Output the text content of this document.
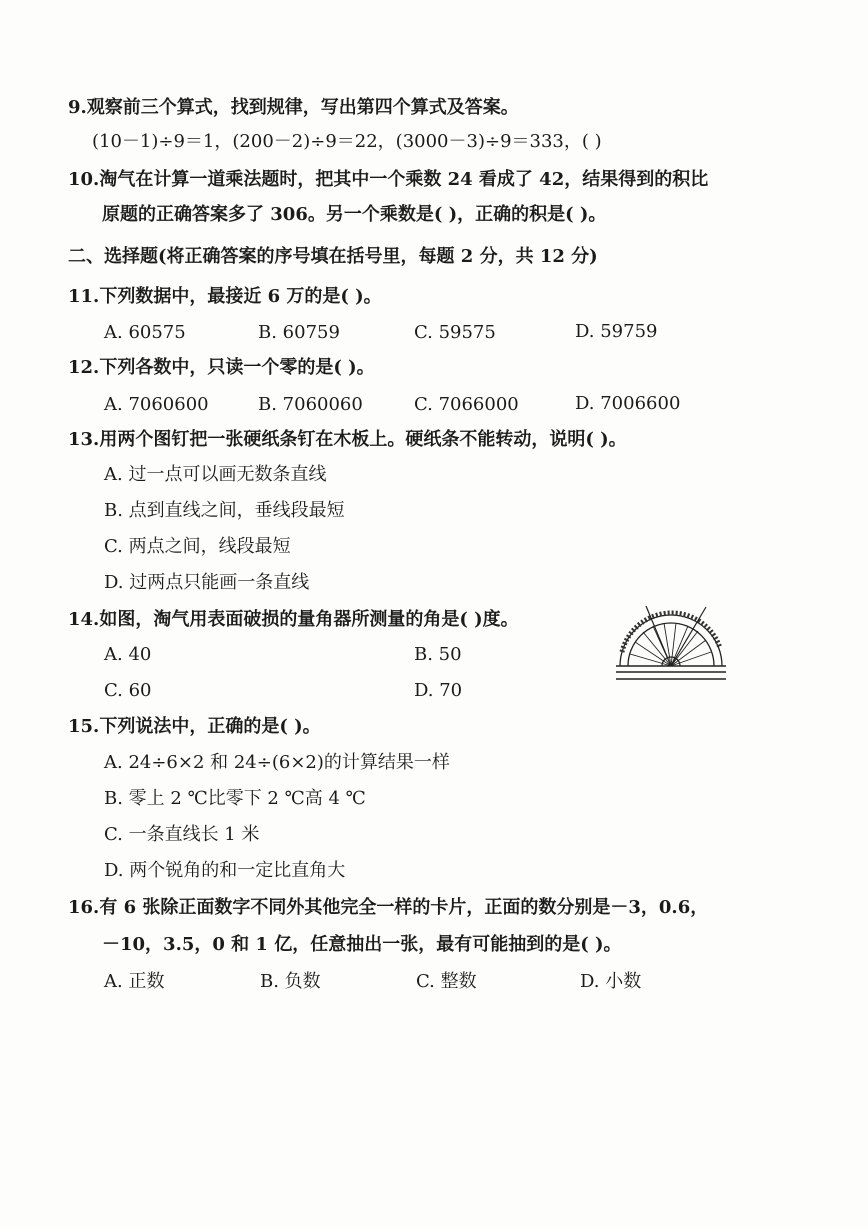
9.观察前三个算式，找到规律，写出第四个算式及答案。
(10－1)÷9＝1，(200－2)÷9＝22，(3000－3)÷9＝333，( )
10.淘气在计算一道乘法题时，把其中一个乘数 24 看成了 42，结果得到的积比
原题的正确答案多了 306。另一个乘数是( )，正确的积是( )。
二、选择题(将正确答案的序号填在括号里，每题 2 分，共 12 分)
11.下列数据中，最接近 6 万的是( )。
A. 60575	B. 60759	C. 59575	D. 59759
12.下列各数中，只读一个零的是( )。
A. 7060600	B. 7060060	C. 7066000	D. 7006600
13.用两个图钉把一张硬纸条钉在木板上。硬纸条不能转动，说明( )。
A. 过一点可以画无数条直线
B. 点到直线之间，垂线段最短
C. 两点之间，线段最短
D. 过两点只能画一条直线
14.如图，淘气用表面破损的量角器所测量的角是( )度。
A. 40	B. 50
C. 60	D. 70
15.下列说法中，正确的是( )。
A. 24÷6×2 和 24÷(6×2)的计算结果一样
B. 零上 2 ℃比零下 2 ℃高 4 ℃
C. 一条直线长 1 米
D. 两个锐角的和一定比直角大
16.有 6 张除正面数字不同外其他完全一样的卡片，正面的数分别是－3，0.6，
－10，3.5，0 和 1 亿，任意抽出一张，最有可能抽到的是( )。
A. 正数	B. 负数	C. 整数	D. 小数
